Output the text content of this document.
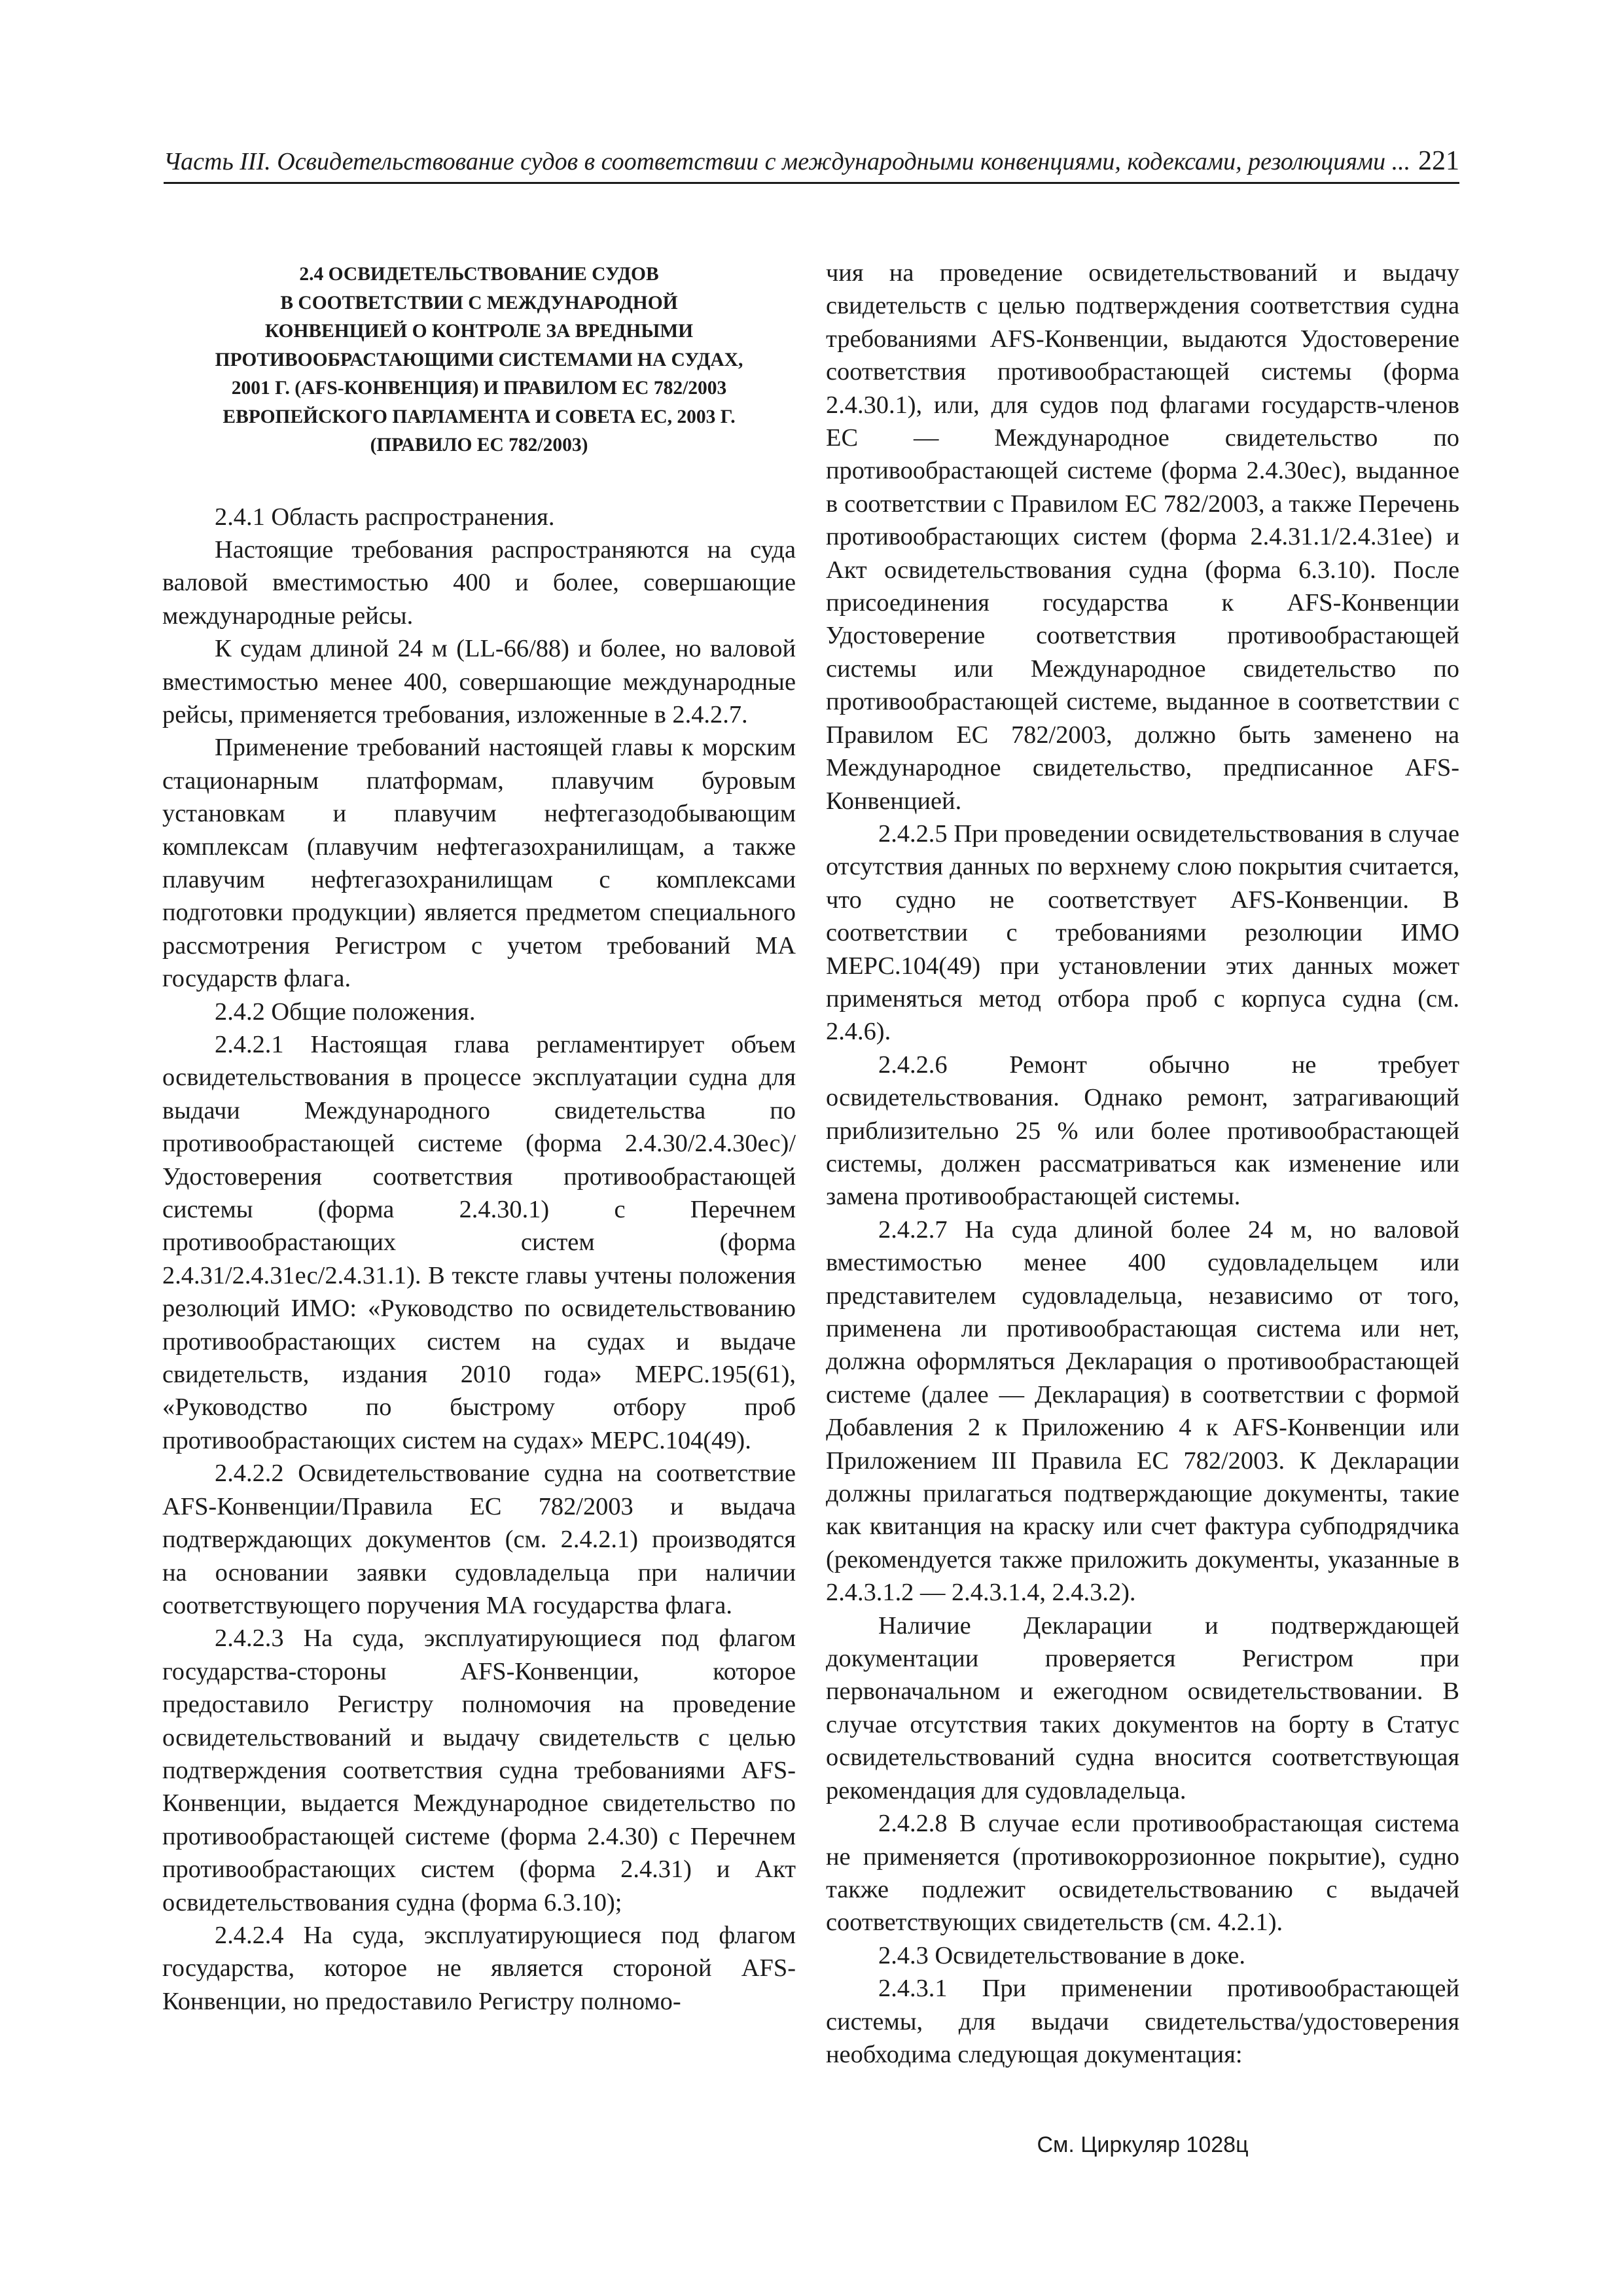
Часть III. Освидетельствование судов в соответствии с международными конвенциями, кодексами, резолюциями ... 221
2.4 ОСВИДЕТЕЛЬСТВОВАНИЕ СУДОВ
В СООТВЕТСТВИИ С МЕЖДУНАРОДНОЙ
КОНВЕНЦИЕЙ О КОНТРОЛЕ ЗА ВРЕДНЫМИ
ПРОТИВООБРАСТАЮЩИМИ СИСТЕМАМИ НА СУДАХ,
2001 Г. (AFS-КОНВЕНЦИЯ) И ПРАВИЛОМ ЕС 782/2003
ЕВРОПЕЙСКОГО ПАРЛАМЕНТА И СОВЕТА ЕС, 2003 Г.
(ПРАВИЛО ЕС 782/2003)

2.4.1 Область распространения.

Настоящие требования распространяются на суда валовой вместимостью 400 и более, совершающие международные рейсы.

К судам длиной 24 м (LL-66/88) и более, но валовой вместимостью менее 400, совершающие международные рейсы, применяется требования, изложенные в 2.4.2.7.

Применение требований настоящей главы к морским стационарным платформам, плавучим буровым установкам и плавучим нефтегазодобывающим комплексам (плавучим нефтегазохранилищам, а также плавучим нефтегазохранилищам с комплексами подготовки продукции) является предметом специального рассмотрения Регистром с учетом требований МА государств флага.

2.4.2 Общие положения.

2.4.2.1 Настоящая глава регламентирует объем освидетельствования в процессе эксплуатации судна для выдачи Международного свидетельства по противообрастающей системе (форма 2.4.30/2.4.30ес)/Удостоверения соответствия противообрастающей системы (форма 2.4.30.1) с Перечнем противообрастающих систем (форма 2.4.31/2.4.31ес/2.4.31.1). В тексте главы учтены положения резолюций ИМО: «Руководство по освидетельствованию противообрастающих систем на судах и выдаче свидетельств, издания 2010 года» МЕРС.195(61), «Руководство по быстрому отбору проб противообрастающих систем на судах» МЕРС.104(49).

2.4.2.2 Освидетельствование судна на соответствие AFS-Конвенции/Правила ЕС 782/2003 и выдача подтверждающих документов (см. 2.4.2.1) производятся на основании заявки судовладельца при наличии соответствующего поручения МА государства флага.

2.4.2.3 На суда, эксплуатирующиеся под флагом государства-стороны AFS-Конвенции, которое предоставило Регистру полномочия на проведение освидетельствований и выдачу свидетельств с целью подтверждения соответствия судна требованиями AFS-Конвенции, выдается Международное свидетельство по противообрастающей системе (форма 2.4.30) с Перечнем противообрастающих систем (форма 2.4.31) и Акт освидетельствования судна (форма 6.3.10);

2.4.2.4 На суда, эксплуатирующиеся под флагом государства, которое не является стороной AFS-Конвенции, но предоставило Регистру полномо-

чия на проведение освидетельствований и выдачу свидетельств с целью подтверждения соответствия судна требованиями AFS-Конвенции, выдаются Удостоверение соответствия противообрастающей системы (форма 2.4.30.1), или, для судов под флагами государств-членов ЕС — Международное свидетельство по противообрастающей системе (форма 2.4.30ес), выданное в соответствии с Правилом ЕС 782/2003, а также Перечень противообрастающих систем (форма 2.4.31.1/2.4.31ее) и Акт освидетельствования судна (форма 6.3.10). После присоединения государства к AFS-Конвенции Удостоверение соответствия противообрастающей системы или Международное свидетельство по противообрастающей системе, выданное в соответствии с Правилом ЕС 782/2003, должно быть заменено на Международное свидетельство, предписанное AFS-Конвенцией.

2.4.2.5 При проведении освидетельствования в случае отсутствия данных по верхнему слою покрытия считается, что судно не соответствует AFS-Конвенции. В соответствии с требованиями резолюции ИМО МЕРС.104(49) при установлении этих данных может применяться метод отбора проб с корпуса судна (см. 2.4.6).

2.4.2.6 Ремонт обычно не требует освидетельствования. Однако ремонт, затрагивающий приблизительно 25 % или более противообрастающей системы, должен рассматриваться как изменение или замена противообрастающей системы.

2.4.2.7 На суда длиной более 24 м, но валовой вместимостью менее 400 судовладельцем или представителем судовладельца, независимо от того, применена ли противообрастающая система или нет, должна оформляться Декларация о противообрастающей системе (далее — Декларация) в соответствии с формой Добавления 2 к Приложению 4 к AFS-Конвенции или Приложением III Правила ЕС 782/2003. К Декларации должны прилагаться подтверждающие документы, такие как квитанция на краску или счет фактура субподрядчика (рекомендуется также приложить документы, указанные в 2.4.3.1.2 — 2.4.3.1.4, 2.4.3.2).

Наличие Декларации и подтверждающей документации проверяется Регистром при первоначальном и ежегодном освидетельствовании. В случае отсутствия таких документов на борту в Статус освидетельствований судна вносится соответствующая рекомендация для судовладельца.

2.4.2.8 В случае если противообрастающая система не применяется (противокоррозионное покрытие), судно также подлежит освидетельствованию с выдачей соответствующих свидетельств (см. 4.2.1).

2.4.3 Освидетельствование в доке.

2.4.3.1 При применении противообрастающей системы, для выдачи свидетельства/удостоверения необходима следующая документация:

См. Циркуляр 1028ц
